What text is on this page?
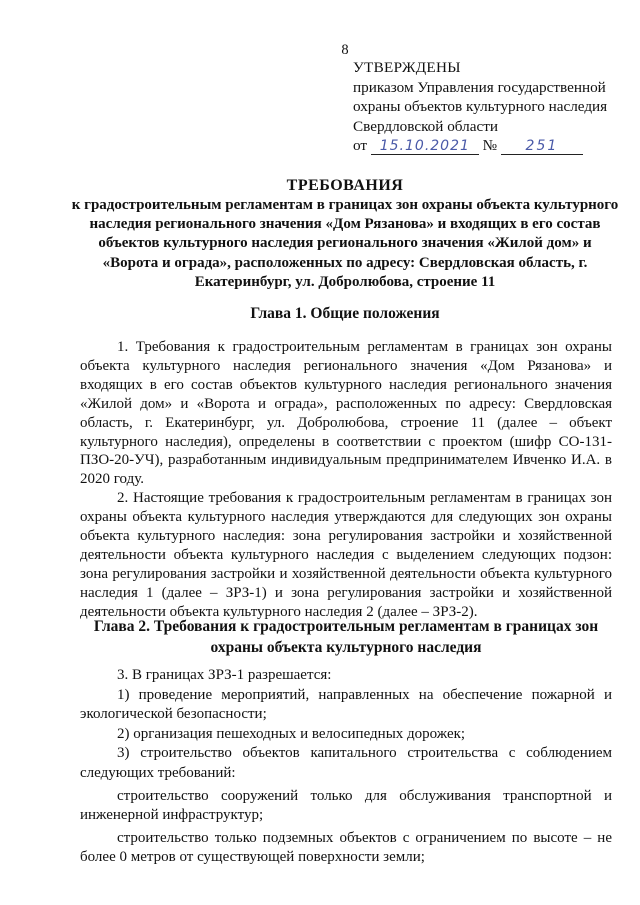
8
УТВЕРЖДЕНЫ
приказом Управления государственной
охраны объектов культурного наследия
Свердловской области
от 15.10.2021 № 251
ТРЕБОВАНИЯ
к градостроительным регламентам в границах зон охраны объекта культурного наследия регионального значения «Дом Рязанова» и входящих в его состав объектов культурного наследия регионального значения «Жилой дом» и «Ворота и ограда», расположенных по адресу: Свердловская область, г. Екатеринбург, ул. Добролюбова, строение 11
Глава 1. Общие положения

1. Требования к градостроительным регламентам в границах зон охраны объекта культурного наследия регионального значения «Дом Рязанова» и входящих в его состав объектов культурного наследия регионального значения «Жилой дом» и «Ворота и ограда», расположенных по адресу: Свердловская область, г. Екатеринбург, ул. Добролюбова, строение 11 (далее – объект культурного наследия), определены в соответствии с проектом (шифр СО-131-ПЗО-20-УЧ), разработанным индивидуальным предпринимателем Ивченко И.А. в 2020 году.

2. Настоящие требования к градостроительным регламентам в границах зон охраны объекта культурного наследия утверждаются для следующих зон охраны объекта культурного наследия: зона регулирования застройки и хозяйственной деятельности объекта культурного наследия с выделением следующих подзон: зона регулирования застройки и хозяйственной деятельности объекта культурного наследия 1 (далее – ЗРЗ-1) и зона регулирования застройки и хозяйственной деятельности объекта культурного наследия 2 (далее – ЗРЗ-2).

Глава 2. Требования к градостроительным регламентам в границах зон охраны объекта культурного наследия

3. В границах ЗРЗ-1 разрешается:

1) проведение мероприятий, направленных на обеспечение пожарной и экологической безопасности;

2) организация пешеходных и велосипедных дорожек;

3) строительство объектов капитального строительства с соблюдением следующих требований:

строительство сооружений только для обслуживания транспортной и инженерной инфраструктур;

строительство только подземных объектов с ограничением по высоте – не более 0 метров от существующей поверхности земли;
